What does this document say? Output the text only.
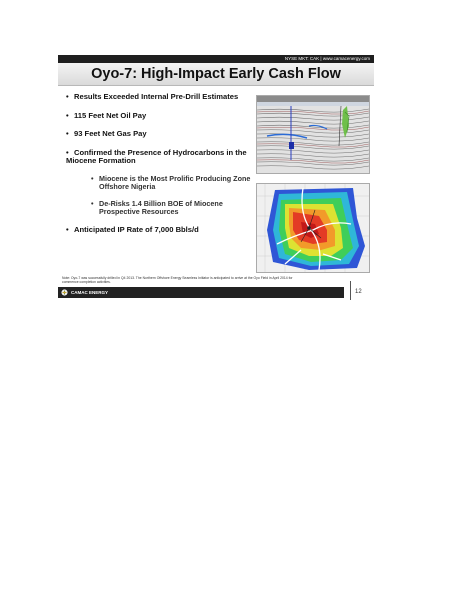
NYSE MKT: CAK | www.camacenergy.com
Oyo-7: High-Impact Early Cash Flow
• Results Exceeded Internal Pre-Drill Estimates
• 115 Feet Net Oil Pay
• 93 Feet Net Gas Pay
• Confirmed the Presence of Hydrocarbons in the Miocene Formation
• Miocene is the Most Prolific Producing Zone Offshore Nigeria
• De-Risks 1.4 Billion BOE of Miocene Prospective Resources
• Anticipated IP Rate of 7,000 Bbls/d
Note: Oyo-7 was successfully drilled in Q4 2013. The Northern Offshore Energy Seamless Initiator is anticipated to arrive at the Oyo Field in April 2014 for commence completion activities.
CAMAC ENERGY	12
